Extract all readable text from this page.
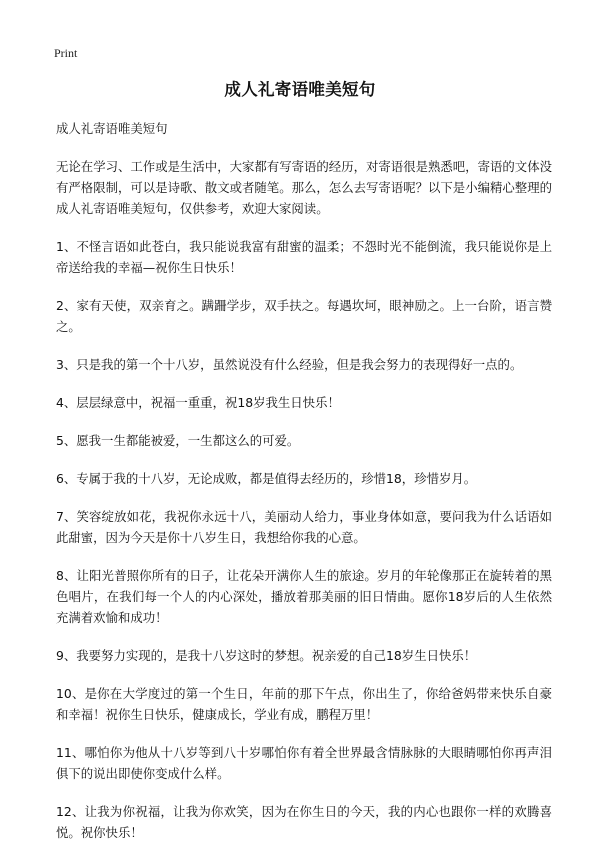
Print
成人礼寄语唯美短句
成人礼寄语唯美短句
无论在学习、工作或是生活中，大家都有写寄语的经历，对寄语很是熟悉吧，寄语的文体没有严格限制，可以是诗歌、散文或者随笔。那么，怎么去写寄语呢？以下是小编精心整理的成人礼寄语唯美短句，仅供参考，欢迎大家阅读。
1、不怪言语如此苍白，我只能说我富有甜蜜的温柔；不怨时光不能倒流，我只能说你是上帝送给我的幸福—祝你生日快乐！
2、家有天使，双亲育之。蹒跚学步，双手扶之。每遇坎坷，眼神励之。上一台阶，语言赞之。
3、只是我的第一个十八岁，虽然说没有什么经验，但是我会努力的表现得好一点的。
4、层层绿意中，祝福一重重，祝18岁我生日快乐！
5、愿我一生都能被爱，一生都这么的可爱。
6、专属于我的十八岁，无论成败，都是值得去经历的，珍惜18，珍惜岁月。
7、笑容绽放如花，我祝你永远十八，美丽动人给力，事业身体如意，要问我为什么话语如此甜蜜，因为今天是你十八岁生日，我想给你我的心意。
8、让阳光普照你所有的日子，让花朵开满你人生的旅途。岁月的年轮像那正在旋转着的黑色唱片，在我们每一个人的内心深处，播放着那美丽的旧日情曲。愿你18岁后的人生依然充满着欢愉和成功！
9、我要努力实现的，是我十八岁这时的梦想。祝亲爱的自己18岁生日快乐！
10、是你在大学度过的第一个生日，年前的那下午点，你出生了，你给爸妈带来快乐自豪和幸福！祝你生日快乐，健康成长，学业有成，鹏程万里！
11、哪怕你为他从十八岁等到八十岁哪怕你有着全世界最含情脉脉的大眼睛哪怕你再声泪俱下的说出即使你变成什么样。
12、让我为你祝福，让我为你欢笑，因为在你生日的今天，我的内心也跟你一样的欢腾喜悦。祝你快乐！
